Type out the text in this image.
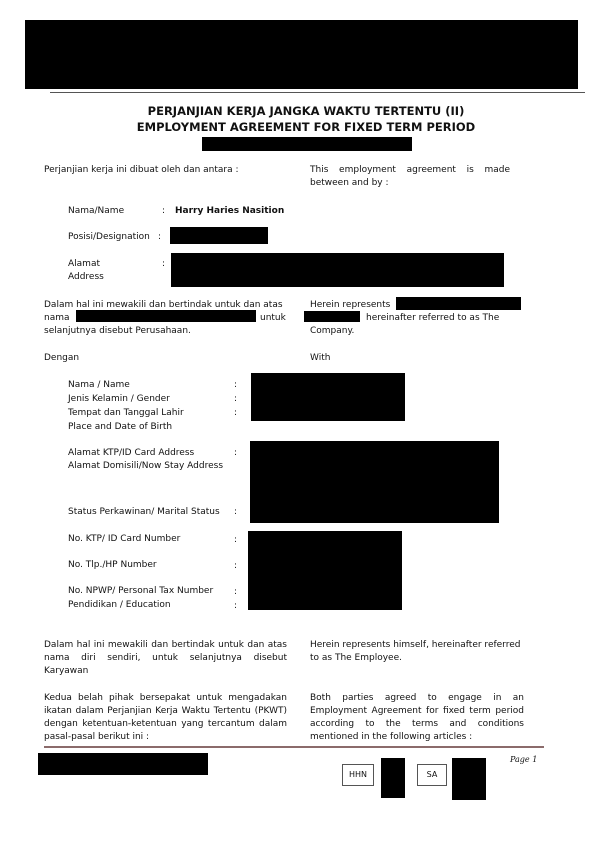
PERJANJIAN KERJA JANGKA WAKTU TERTENTU (II)
EMPLOYMENT AGREEMENT FOR FIXED TERM PERIOD
Perjanjian kerja ini dibuat oleh dan antara :	This employment agreement is made
between and by :
Nama/Name	: Harry Haries Nasition
Posisi/Designation :
Alamat
Address
:
Dalam hal ini mewakili dan bertindak untuk dan atas
nama	untuk
selanjutnya disebut Perusahaan.
Herein represents
hereinafter referred to as The
Company.
Dengan	With
Nama / Name	:
Jenis Kelamin / Gender	:
Tempat dan Tanggal Lahir	:
Place and Date of Birth
Alamat KTP/ID Card Address	:
Alamat Domisili/Now Stay Address
Status Perkawinan/ Marital Status :
No. KTP/ ID Card Number	:
No. Tlp./HP Number	:
No. NPWP/ Personal Tax Number :
Pendidikan / Education	:
Dalam hal ini mewakili dan bertindak untuk dan atas
nama diri sendiri, untuk selanjutnya disebut
Karyawan
Herein represents himself, hereinafter referred
to as The Employee.
Kedua belah pihak bersepakat untuk mengadakan
ikatan dalam Perjanjian Kerja Waktu Tertentu (PKWT)
dengan ketentuan-ketentuan yang tercantum dalam
pasal-pasal berikut ini :
Both parties agreed to engage in an
Employment Agreement for fixed term period
according to the terms and conditions
mentioned in the following articles :
HHN	SA
Page 1
